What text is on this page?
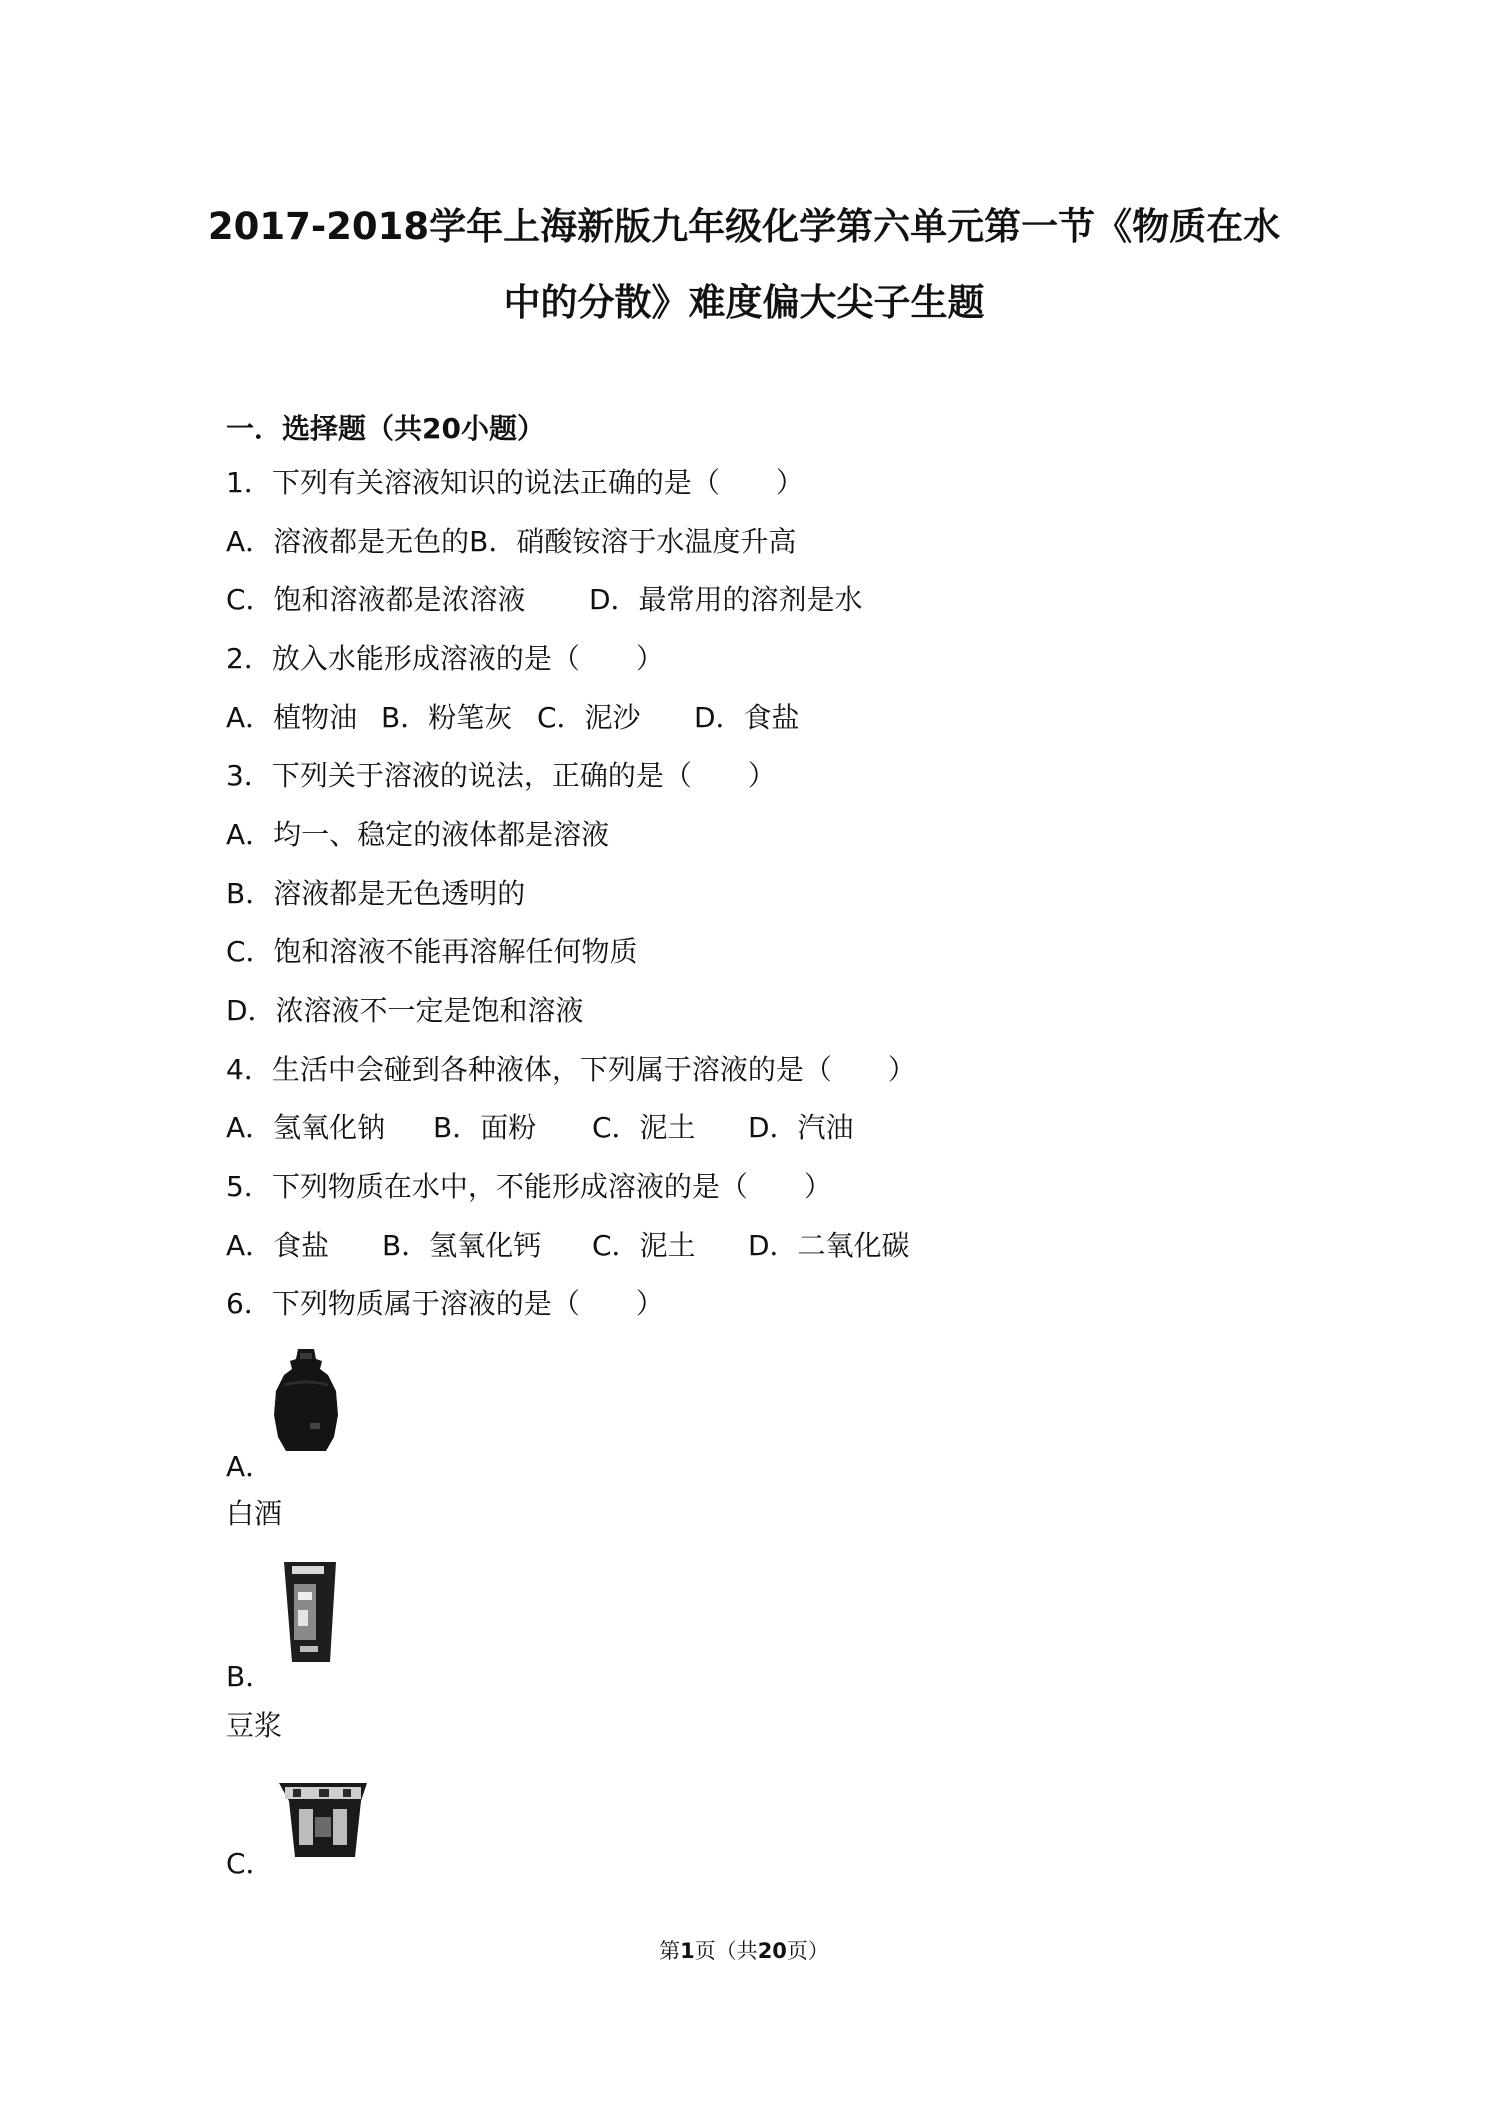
2017-2018学年上海新版九年级化学第六单元第一节《物质在水
中的分散》难度偏大尖子生题
一．选择题（共20小题）
1．下列有关溶液知识的说法正确的是（　　）
A．溶液都是无色的B．硝酸铵溶于水温度升高
C．饱和溶液都是浓溶液 D．最常用的溶剂是水
2．放入水能形成溶液的是（　　）
A．植物油 B．粉笔灰 C．泥沙 D．食盐
3．下列关于溶液的说法，正确的是（　　）
A．均一、稳定的液体都是溶液
B．溶液都是无色透明的
C．饱和溶液不能再溶解任何物质
D．浓溶液不一定是饱和溶液
4．生活中会碰到各种液体，下列属于溶液的是（　　）
A．氢氧化钠 B．面粉 C．泥土 D．汽油
5．下列物质在水中，不能形成溶液的是（　　）
A．食盐 B．氢氧化钙 C．泥土 D．二氧化碳
6．下列物质属于溶液的是（　　）
A．
白酒
B．
豆浆
C．
第1页（共20页）
